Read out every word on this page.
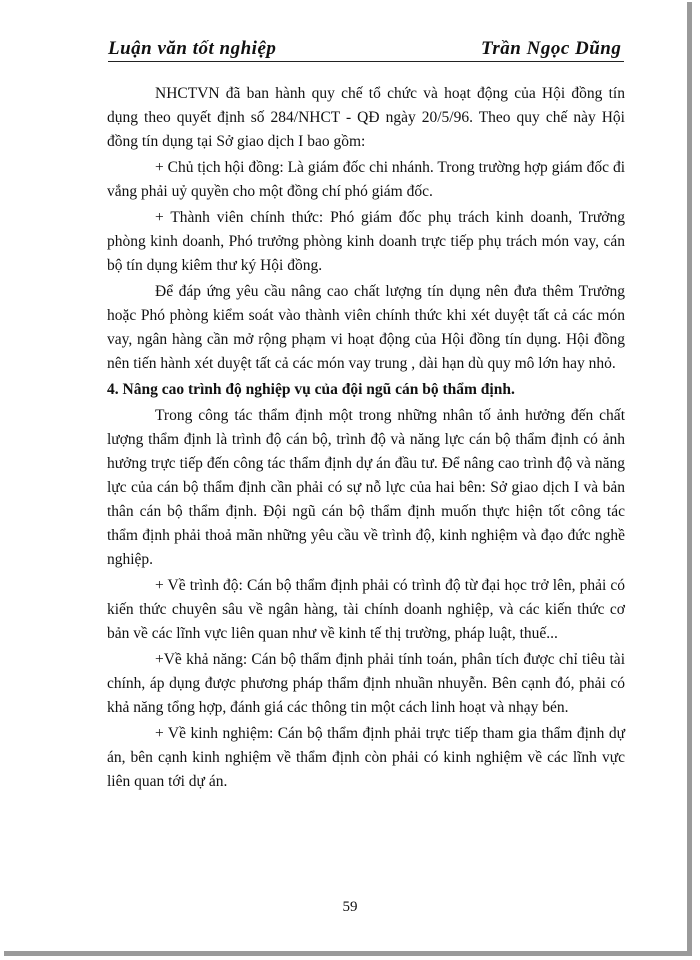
Luận văn tốt nghiệp	Trần Ngọc Dũng

NHCTVN đã ban hành quy chế tổ chức và hoạt động của Hội đồng tín dụng theo quyết định số 284/NHCT - QĐ ngày 20/5/96. Theo quy chế này Hội đồng tín dụng tại Sở giao dịch I bao gồm:

+ Chủ tịch hội đồng: Là giám đốc chi nhánh. Trong trường hợp giám đốc đi vắng phải uỷ quyền cho một đồng chí phó giám đốc.

+ Thành viên chính thức: Phó giám đốc phụ trách kinh doanh, Trưởng phòng kinh doanh, Phó trưởng phòng kinh doanh trực tiếp phụ trách món vay, cán bộ tín dụng kiêm thư ký Hội đồng.

Để đáp ứng yêu cầu nâng cao chất lượng tín dụng nên đưa thêm Trưởng hoặc Phó phòng kiểm soát vào thành viên chính thức khi xét duyệt tất cả các món vay, ngân hàng cần mở rộng phạm vi hoạt động của Hội đồng tín dụng. Hội đồng nên tiến hành xét duyệt tất cả các món vay trung , dài hạn dù quy mô lớn hay nhỏ.

4. Nâng cao trình độ nghiệp vụ của đội ngũ cán bộ thẩm định.

Trong công tác thẩm định một trong những nhân tố ảnh hưởng đến chất lượng thẩm định là trình độ cán bộ, trình độ và năng lực cán bộ thẩm định có ảnh hưởng trực tiếp đến công tác thẩm định dự án đầu tư. Để nâng cao trình độ và năng lực của cán bộ thẩm định cần phải có sự nỗ lực của hai bên: Sở giao dịch I và bản thân cán bộ thẩm định. Đội ngũ cán bộ thẩm định muốn thực hiện tốt công tác thẩm định phải thoả mãn những yêu cầu về trình độ, kinh nghiệm và đạo đức nghề nghiệp.

+ Về trình độ: Cán bộ thẩm định phải có trình độ từ đại học trở lên, phải có kiến thức chuyên sâu về ngân hàng, tài chính doanh nghiệp, và các kiến thức cơ bản về các lĩnh vực liên quan như về kinh tế thị trường, pháp luật, thuế...

+Về khả năng: Cán bộ thẩm định phải tính toán, phân tích được chỉ tiêu tài chính, áp dụng được phương pháp thẩm định nhuần nhuyễn. Bên cạnh đó, phải có khả năng tổng hợp, đánh giá các thông tin một cách linh hoạt và nhạy bén.

+ Về kinh nghiệm: Cán bộ thẩm định phải trực tiếp tham gia thẩm định dự án, bên cạnh kinh nghiệm về thẩm định còn phải có kinh nghiệm về các lĩnh vực liên quan tới dự án.

59
